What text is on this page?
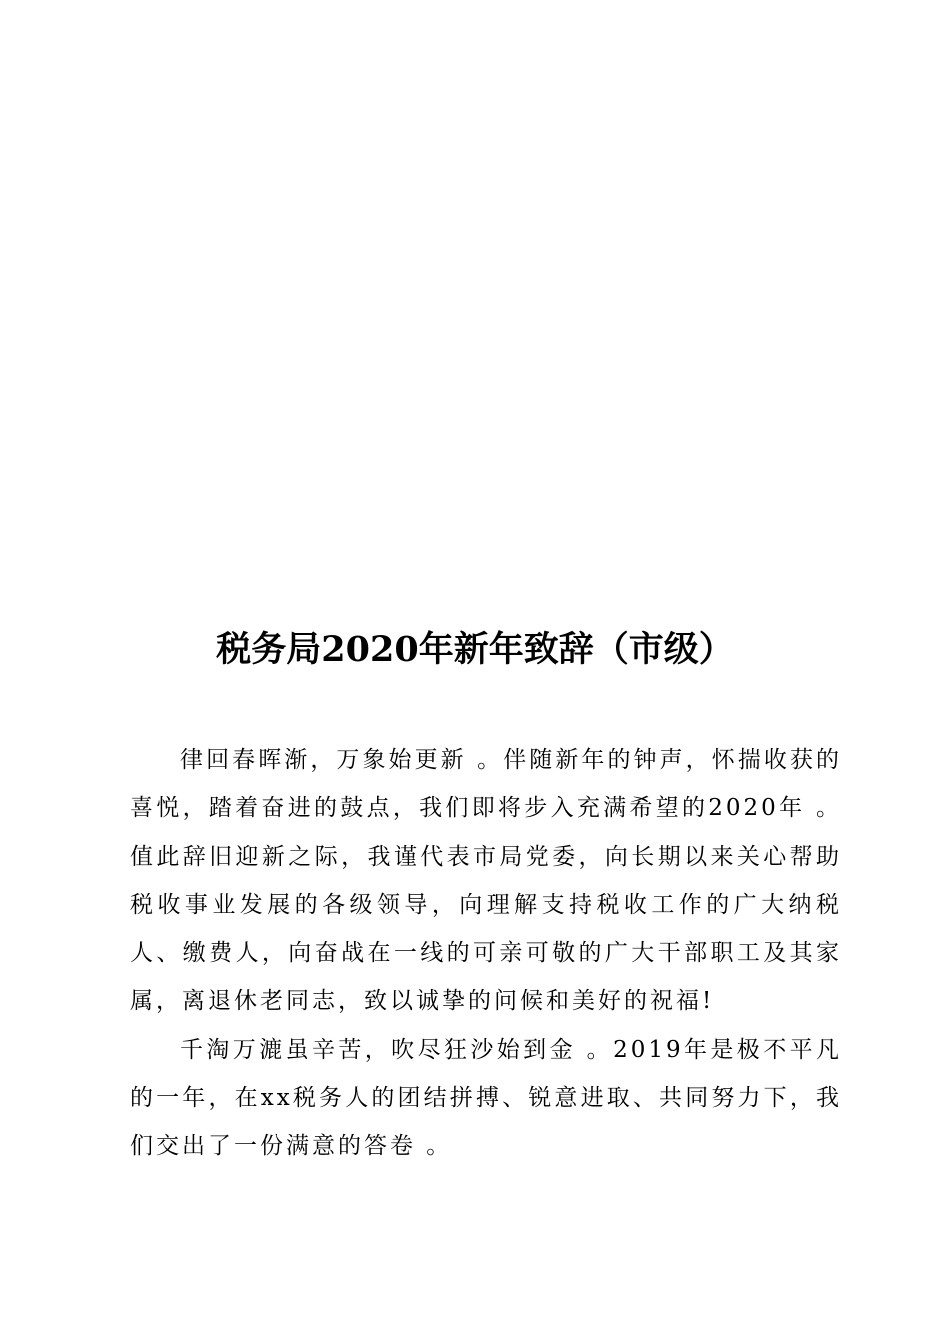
税务局2020年新年致辞（市级）

律回春晖渐，万象始更新 。伴随新年的钟声，怀揣收获的喜悦，踏着奋进的鼓点，我们即将步入充满希望的2020年 。值此辞旧迎新之际，我谨代表市局党委，向长期以来关心帮助税收事业发展的各级领导，向理解支持税收工作的广大纳税人、缴费人，向奋战在一线的可亲可敬的广大干部职工及其家属，离退休老同志，致以诚挚的问候和美好的祝福!

千淘万漉虽辛苦，吹尽狂沙始到金 。2019年是极不平凡的一年，在xx税务人的团结拼搏、锐意进取、共同努力下，我们交出了一份满意的答卷 。
